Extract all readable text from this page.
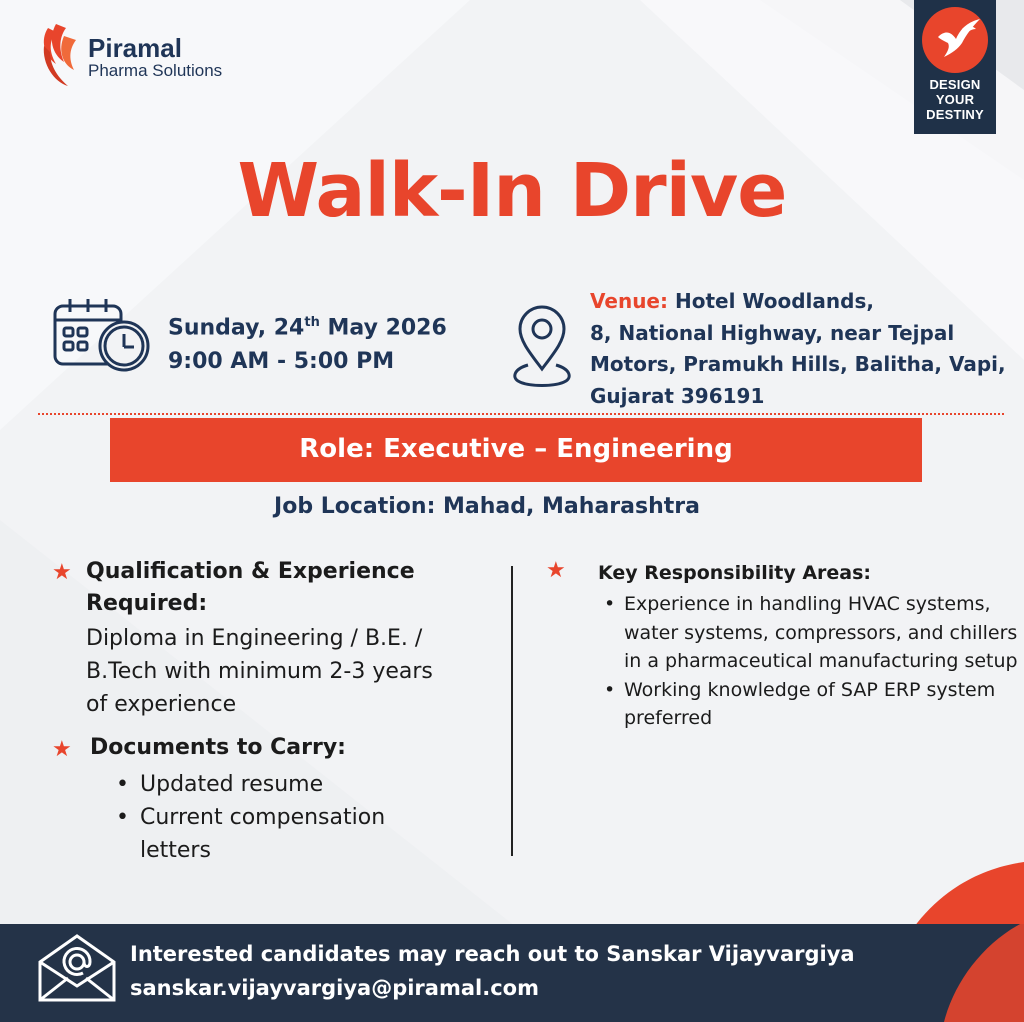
Piramal
Pharma Solutions
DESIGN
YOUR
DESTINY
Walk-In Drive
Sunday, 24th May 2026
9:00 AM - 5:00 PM
Venue: Hotel Woodlands,
8, National Highway, near Tejpal
Motors, Pramukh Hills, Balitha, Vapi,
Gujarat 396191
Role: Executive – Engineering
Job Location: Mahad, Maharashtra
★ Qualification & Experience
Required:
Diploma in Engineering / B.E. /
B.Tech with minimum 2-3 years
of experience
★ Documents to Carry:
• Updated resume
• Current compensation letters
★ Key Responsibility Areas:
• Experience in handling HVAC systems, water systems, compressors, and chillers in a pharmaceutical manufacturing setup
• Working knowledge of SAP ERP system preferred
Interested candidates may reach out to Sanskar Vijayvargiya
sanskar.vijayvargiya@piramal.com
